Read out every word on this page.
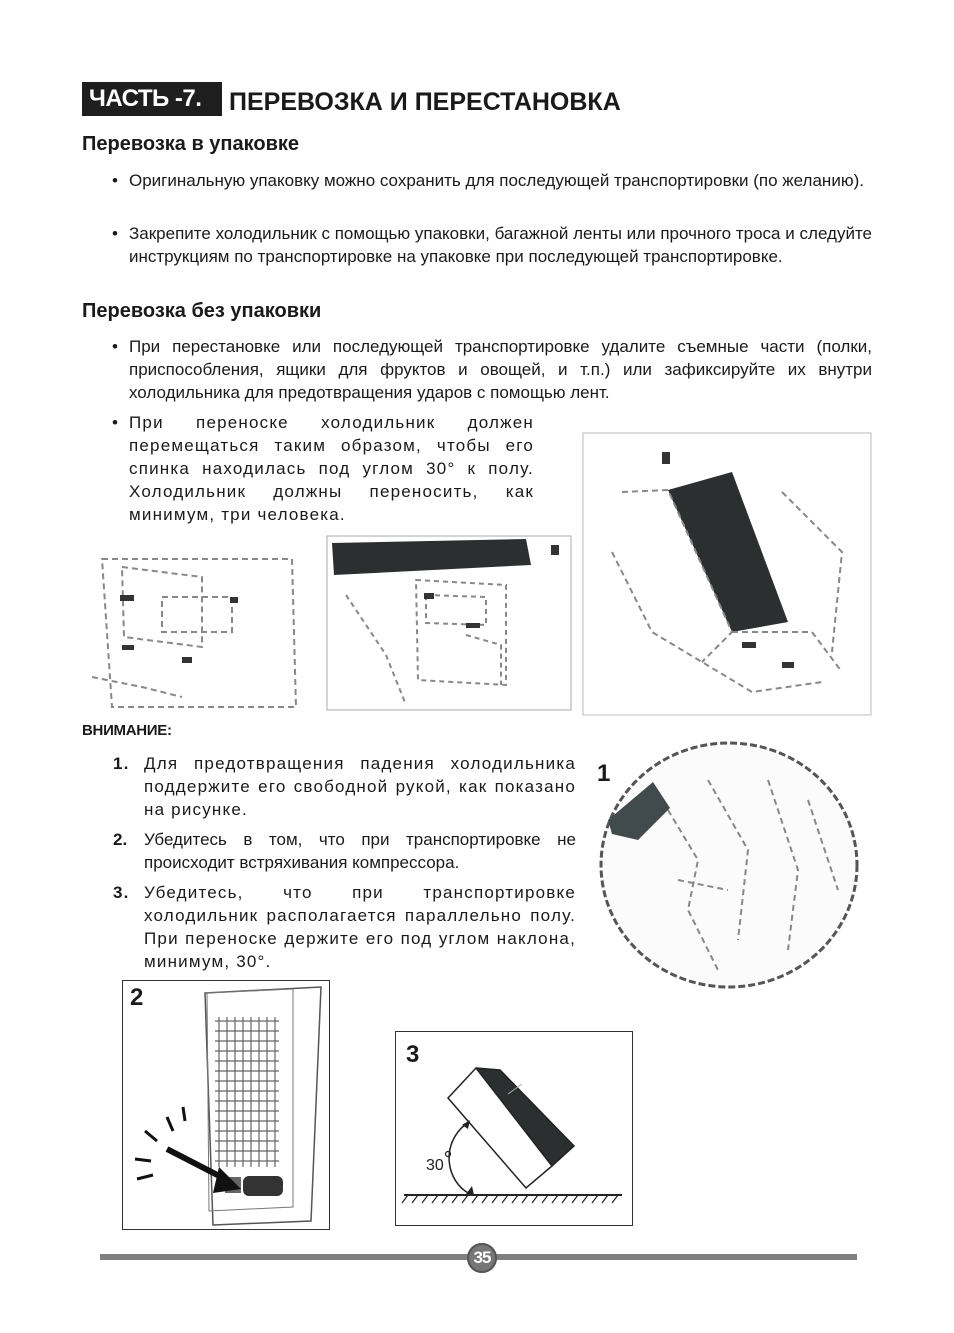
ЧАСТЬ -7.	ПЕРЕВОЗКА И ПЕРЕСТАНОВКА
Перевозка в упаковке
• Оригинальную упаковку можно сохранить для последующей транспортировки (по желанию).
• Закрепите холодильник с помощью упаковки, багажной ленты или прочного троса и следуйте инструкциям по транспортировке на упаковке при последующей транспортировке.
Перевозка без упаковки
• При перестановке или последующей транспортировке удалите съемные части (полки, приспособления, ящики для фруктов и овощей, и т.п.) или зафиксируйте их внутри холодильника для предотвращения ударов с помощью лент.
• При переноске холодильник должен перемещаться таким образом, чтобы его спинка находилась под углом 30° к полу. Холодильник должны переносить, как минимум, три человека.
ВНИМАНИЕ:
1. Для предотвращения падения холодильника поддержите его свободной рукой, как показано на рисунке.
2. Убедитесь в том, что при транспортировке не происходит встряхивания компрессора.
3. Убедитесь, что при транспортировке холодильник располагается параллельно полу. При переноске держите его под углом наклона, минимум, 30°.
1
2
3
30
35
